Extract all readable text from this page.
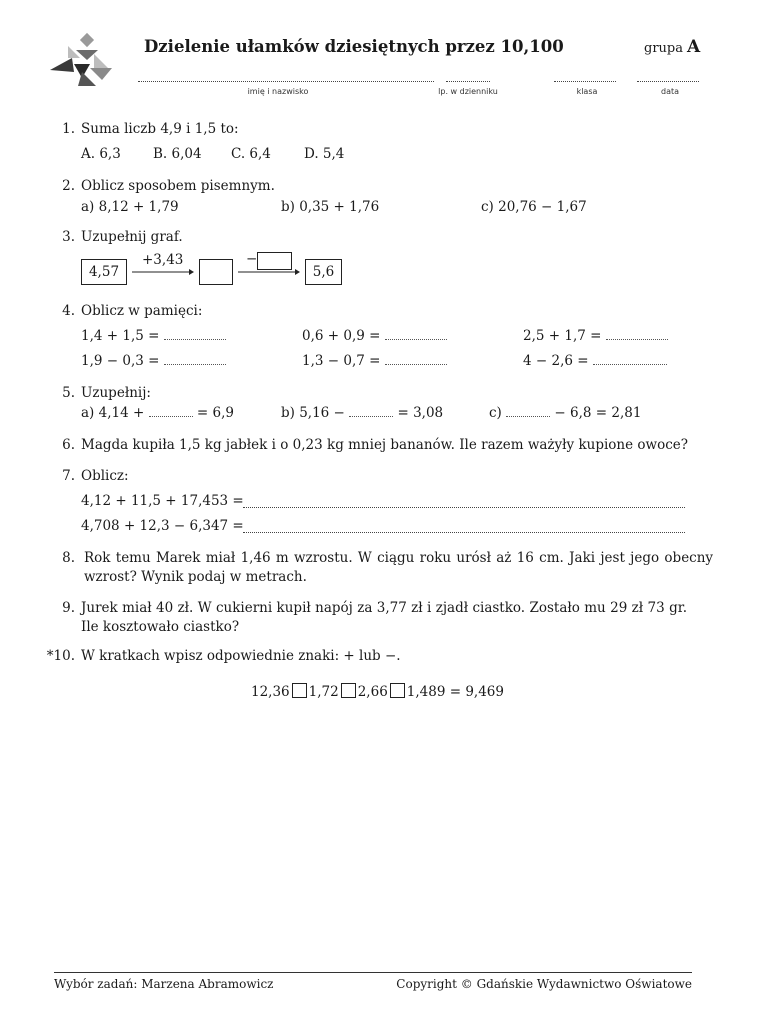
Dzielenie ułamków dziesiętnych przez 10,100	grupa A
imię i nazwisko	lp. w dzienniku	klasa	data
1. Suma liczb 4,9 i 1,5 to:
A. 6,3 B. 6,04 C. 6,4 D. 5,4
2. Oblicz sposobem pisemnym.
a) 8,12 + 1,79	b) 0,35 + 1,76	c) 20,76 − 1,67
3. Uzupełnij graf.
4,57
+3,43	−
5,6
4. Oblicz w pamięci:
1,4 + 1,5 =	0,6 + 0,9 =	2,5 + 1,7 =
1,9 − 0,3 =	1,3 − 0,7 =	4 − 2,6 =
5. Uzupełnij:
a) 4,14 +	= 6,9	b) 5,16 −	= 3,08	c)	− 6,8 = 2,81
6. Magda kupiła 1,5 kg jabłek i o 0,23 kg mniej bananów. Ile razem ważyły kupione owoce?
7. Oblicz:
4,12 + 11,5 + 17,453 =
4,708 + 12,3 − 6,347 =
8. Rok temu Marek miał 1,46 m wzrostu. W ciągu roku urósł aż 16 cm. Jaki jest jego obecny
wzrost? Wynik podaj w metrach.
9. Jurek miał 40 zł. W cukierni kupił napój za 3,77 zł i zjadł ciastko. Zostało mu 29 zł 73 gr.
Ile kosztowało ciastko?
*10. W kratkach wpisz odpowiednie znaki: + lub −.
12,36 1,72 2,66 1,489 = 9,469
Wybór zadań: Marzena Abramowicz	Copyright © Gdańskie Wydawnictwo Oświatowe
